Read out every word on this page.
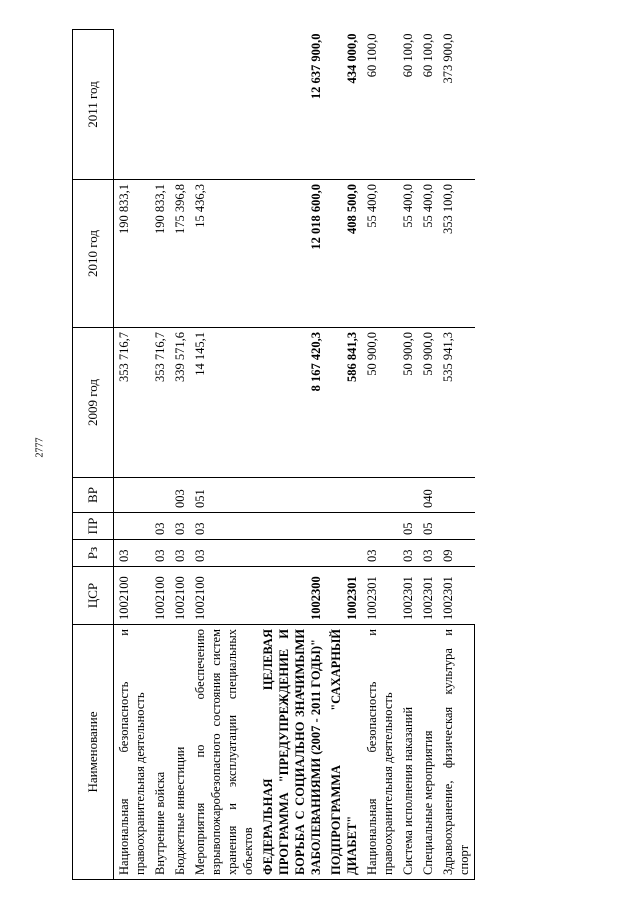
2777
Наименование	ЦСР	Рз	ПР	ВР	2009 год	2010 год	2011 год
Национальная безопасность и правоохранительная деятельность	1002100	03			353 716,7	190 833,1	
Внутренние войска	1002100	03	03		353 716,7	190 833,1	
Бюджетные инвестиции	1002100	03	03	003	339 571,6	175 396,8	
Мероприятия по обеспечению взрывопожаробезопасного состояния систем хранения и эксплуатации специальных объектов	1002100	03	03	051	14 145,1	15 436,3	
ФЕДЕРАЛЬНАЯ ЦЕЛЕВАЯ ПРОГРАММА "ПРЕДУПРЕЖДЕНИЕ И БОРЬБА С СОЦИАЛЬНО ЗНАЧИМЫМИ ЗАБОЛЕВАНИЯМИ (2007 - 2011 ГОДЫ)"	1002300				8 167 420,3	12 018 600,0	12 637 900,0
ПОДПРОГРАММА "САХАРНЫЙ ДИАБЕТ"	1002301				586 841,3	408 500,0	434 000,0
Национальная безопасность и правоохранительная деятельность	1002301	03			50 900,0	55 400,0	60 100,0
Система исполнения наказаний	1002301	03	05		50 900,0	55 400,0	60 100,0
Специальные мероприятия	1002301	03	05	040	50 900,0	55 400,0	60 100,0
Здравоохранение, физическая культура и спорт	1002301	09			535 941,3	353 100,0	373 900,0
